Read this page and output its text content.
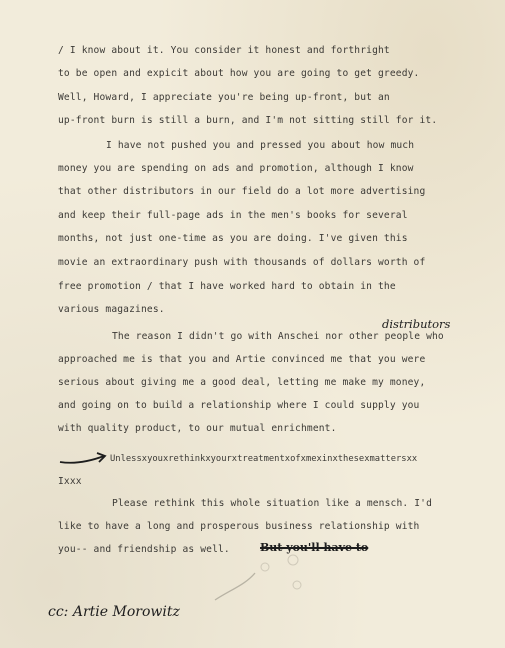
/ I know about it. You consider it honest and forthright
to be open and expicit about how you are going to get greedy.
Well, Howard, I appreciate you're being up-front, but an
up-front burn is still a burn, and I'm not sitting still for it.
I have not pushed you and pressed you about how much
money you are spending on ads and promotion, although I know
that other distributors in our field do a lot more advertising
and keep their full-page ads in the men's books for several
months, not just one-time as you are doing. I've given this
movie an extraordinary push with thousands of dollars worth of
free promotion / that I have worked hard to obtain in the
various magazines.
distributors
The reason I didn't go with Anschei nor other people who
approached me is that you and Artie convinced me that you were
serious about giving me a good deal, letting me make my money,
and going on to build a relationship where I could supply you
with quality product, to our mutual enrichment.
Unlessxyouxrethinkxyourxtreatmentxofxmexinxthesexmattersxx
Ixxx
Please rethink this whole situation like a mensch. I'd
like to have a long and prosperous business relationship with
you-- and friendship as well.	But you'll have to
cc: Artie Morowitz
